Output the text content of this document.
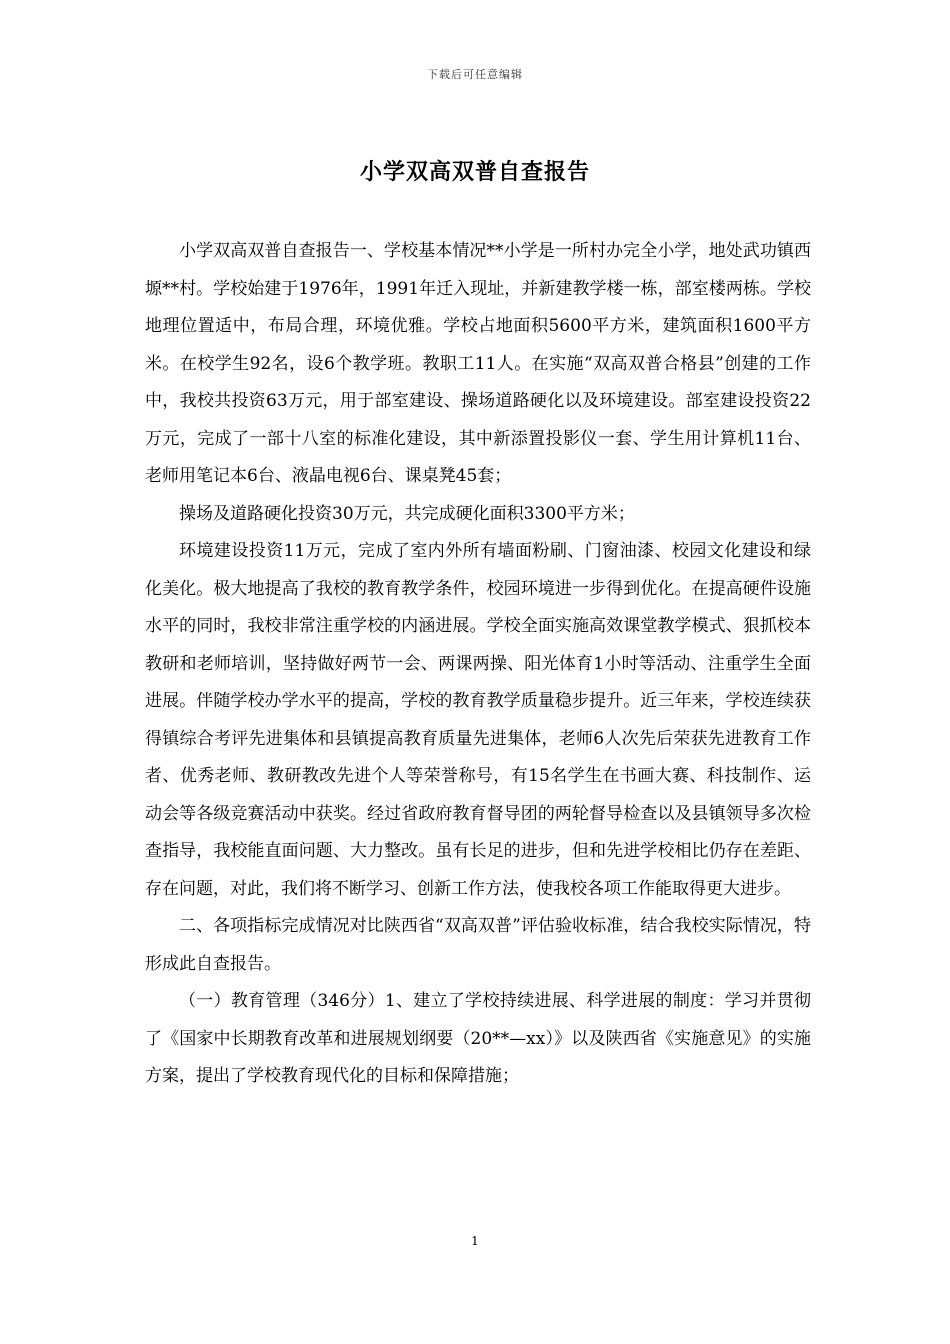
下载后可任意编辑
小学双高双普自查报告

小学双高双普自查报告一、学校基本情况**小学是一所村办完全小学，地处武功镇西塬**村。学校始建于1976年，1991年迁入现址，并新建教学楼一栋，部室楼两栋。学校地理位置适中，布局合理，环境优雅。学校占地面积5600平方米，建筑面积1600平方米。在校学生92名，设6个教学班。教职工11人。在实施“双高双普合格县”创建的工作中，我校共投资63万元，用于部室建设、操场道路硬化以及环境建设。部室建设投资22万元，完成了一部十八室的标准化建设，其中新添置投影仪一套、学生用计算机11台、老师用笔记本6台、液晶电视6台、课桌凳45套；

操场及道路硬化投资30万元，共完成硬化面积3300平方米；

环境建设投资11万元，完成了室内外所有墙面粉刷、门窗油漆、校园文化建设和绿化美化。极大地提高了我校的教育教学条件，校园环境进一步得到优化。在提高硬件设施水平的同时，我校非常注重学校的内涵进展。学校全面实施高效课堂教学模式、狠抓校本教研和老师培训，坚持做好两节一会、两课两操、阳光体育1小时等活动、注重学生全面进展。伴随学校办学水平的提高，学校的教育教学质量稳步提升。近三年来，学校连续获得镇综合考评先进集体和县镇提高教育质量先进集体，老师6人次先后荣获先进教育工作者、优秀老师、教研教改先进个人等荣誉称号，有15名学生在书画大赛、科技制作、运动会等各级竞赛活动中获奖。经过省政府教育督导团的两轮督导检查以及县镇领导多次检查指导，我校能直面问题、大力整改。虽有长足的进步，但和先进学校相比仍存在差距、存在问题，对此，我们将不断学习、创新工作方法，使我校各项工作能取得更大进步。

二、各项指标完成情况对比陕西省“双高双普”评估验收标准，结合我校实际情况，特形成此自查报告。

（一）教育管理（346分）1、建立了学校持续进展、科学进展的制度：学习并贯彻了《国家中长期教育改革和进展规划纲要（20**—xx）》以及陕西省《实施意见》的实施方案，提出了学校教育现代化的目标和保障措施；

1
